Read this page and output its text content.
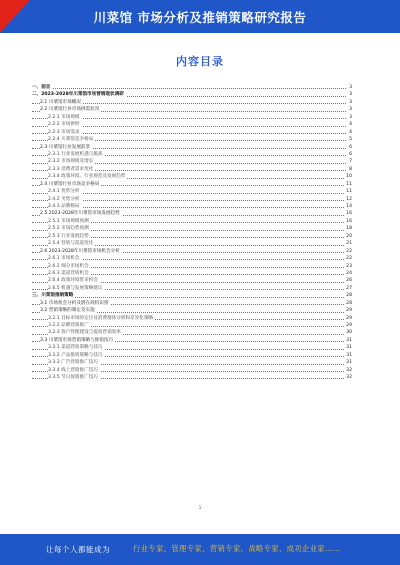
川菜馆 市场分析及推销策略研究报告
内容目录
一、前言	3
二、2023-2028年川菜馆市场营销现状调研	3
2.1 川菜馆市场概况	3
2.2 川菜馆行业市场供需状况	3
2.2.1 市场规模	3
2.2.2 市场供给	4
2.2.3 市场需求	4
2.2.4 川菜馆竞争格局	5
2.3 川菜馆行业发展前景	6
2.3.1 行业发展机遇与挑战	6
2.3.2 市场规模及增长	7
2.3.3 消费者需求变化	8
2.3.4 政策环境、行业规范及发展趋势	10
2.4 川菜馆行业市场竞争格局	11
2.4.1 优势分析	11
2.4.2 劣势分析	12
2.4.3 品牌格局	14
2.5 2023-2028年川菜馆市场发展趋势	16
2.5.1 市场规模预测	16
2.5.2 市场趋势预测	18
2.5.3 行业发展趋势	20
2.5.4 营销与渠道变化	21
2.6 2023-2028年川菜馆市场机会分析	22
2.6.1 市场机会	22
2.6.2 细分市场机会	23
2.6.3 渠道营销机会	24
2.6.4 政策环境带来机会	26
2.6.5 机遇与发展策略建议	27
三、川菜馆推销策略	28
3.1 市场机会分析及潜在商机识别	28
3.2 营销策略的制定及实施	29
3.2.1 目标市场的定位及消费群体分析和差异化策略	29
3.2.2 品牌营销推广	29
3.2.3 客户管理建设与提高营销效率	30
3.3 川菜馆市场营销策略与推销技巧	31
3.3.1 渠道营销策略与技巧	31
3.3.2 产品推销策略与技巧	31
3.3.3 广告营销推广技巧	31
3.3.4 线上营销推广技巧	32
3.3.5 节日促销推广技巧	32
1
让每个人都能成为	行业专家，管理专家，营销专家，战略专家，成功企业家……
